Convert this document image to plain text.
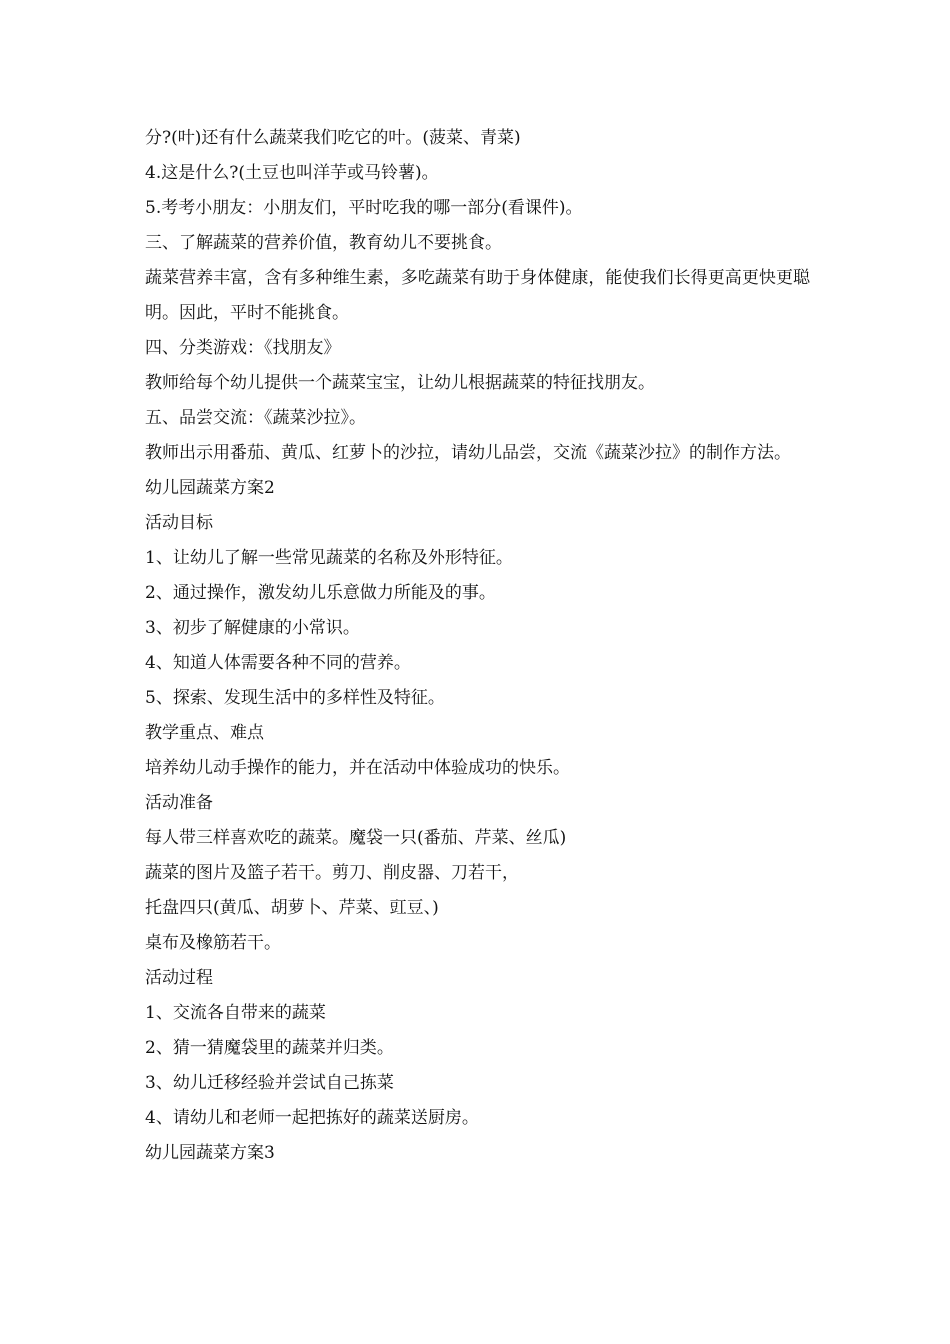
分?(叶)还有什么蔬菜我们吃它的叶。(菠菜、青菜)

4.这是什么?(土豆也叫洋芋或马铃薯)。

5.考考小朋友：小朋友们，平时吃我的哪一部分(看课件)。

三、了解蔬菜的营养价值，教育幼儿不要挑食。

蔬菜营养丰富，含有多种维生素，多吃蔬菜有助于身体健康，能使我们长得更高更快更聪明。因此，平时不能挑食。

四、分类游戏：《找朋友》

教师给每个幼儿提供一个蔬菜宝宝，让幼儿根据蔬菜的特征找朋友。

五、品尝交流：《蔬菜沙拉》。

教师出示用番茄、黄瓜、红萝卜的沙拉，请幼儿品尝，交流《蔬菜沙拉》的制作方法。

幼儿园蔬菜方案2

活动目标

1、让幼儿了解一些常见蔬菜的名称及外形特征。

2、通过操作，激发幼儿乐意做力所能及的事。

3、初步了解健康的小常识。

4、知道人体需要各种不同的营养。

5、探索、发现生活中的多样性及特征。

教学重点、难点

培养幼儿动手操作的能力，并在活动中体验成功的快乐。

活动准备

每人带三样喜欢吃的蔬菜。魔袋一只(番茄、芹菜、丝瓜)

蔬菜的图片及篮子若干。剪刀、削皮器、刀若干，

托盘四只(黄瓜、胡萝卜、芹菜、豇豆、)

桌布及橡筋若干。

活动过程

1、交流各自带来的蔬菜

2、猜一猜魔袋里的蔬菜并归类。

3、幼儿迁移经验并尝试自己拣菜

4、请幼儿和老师一起把拣好的蔬菜送厨房。

幼儿园蔬菜方案3
